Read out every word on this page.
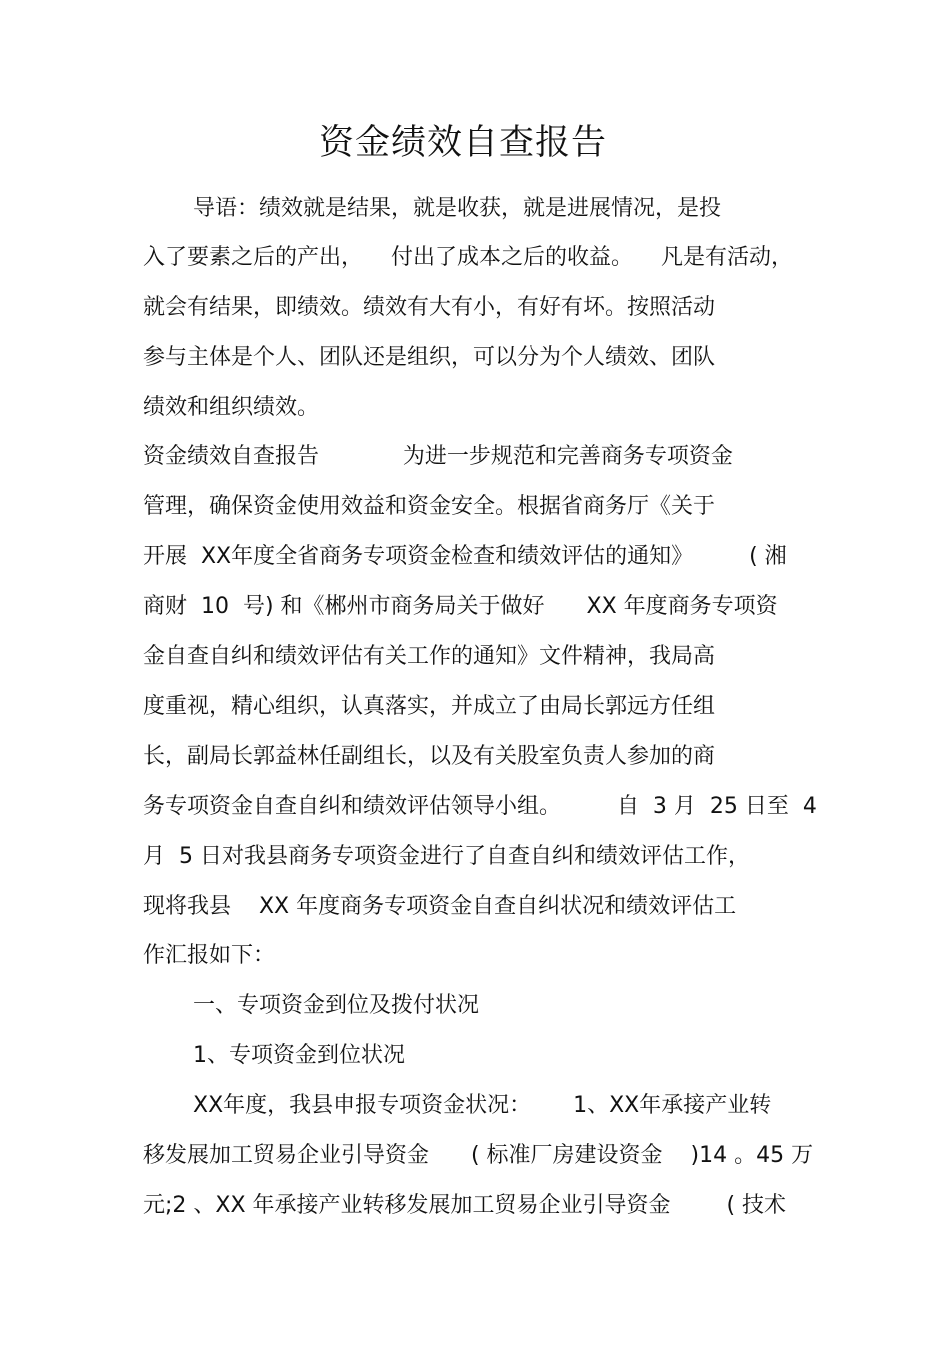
资金绩效自查报告
导语：绩效就是结果，就是收获，就是进展情况，是投
入了要素之后的产出，    付出了成本之后的收益。    凡是有活动，
就会有结果，即绩效。绩效有大有小，有好有坏。按照活动
参与主体是个人、团队还是组织，可以分为个人绩效、团队
绩效和组织绩效。
资金绩效自查报告            为进一步规范和完善商务专项资金
管理，确保资金使用效益和资金安全。根据省商务厅《关于
开展  XX年度全省商务专项资金检查和绩效评估的通知》        ( 湘
商财  10  号) 和《郴州市商务局关于做好      XX 年度商务专项资
金自查自纠和绩效评估有关工作的通知》文件精神，我局高
度重视，精心组织，认真落实，并成立了由局长郭远方任组
长，副局长郭益林任副组长，以及有关股室负责人参加的商
务专项资金自查自纠和绩效评估领导小组。        自  3 月  25 日至  4
月  5 日对我县商务专项资金进行了自查自纠和绩效评估工作，
现将我县    XX 年度商务专项资金自查自纠状况和绩效评估工
作汇报如下：
一、专项资金到位及拨付状况
1、专项资金到位状况
XX年度，我县申报专项资金状况：      1、XX年承接产业转
移发展加工贸易企业引导资金      ( 标准厂房建设资金    )14 。45 万
元;2 、XX 年承接产业转移发展加工贸易企业引导资金        ( 技术
